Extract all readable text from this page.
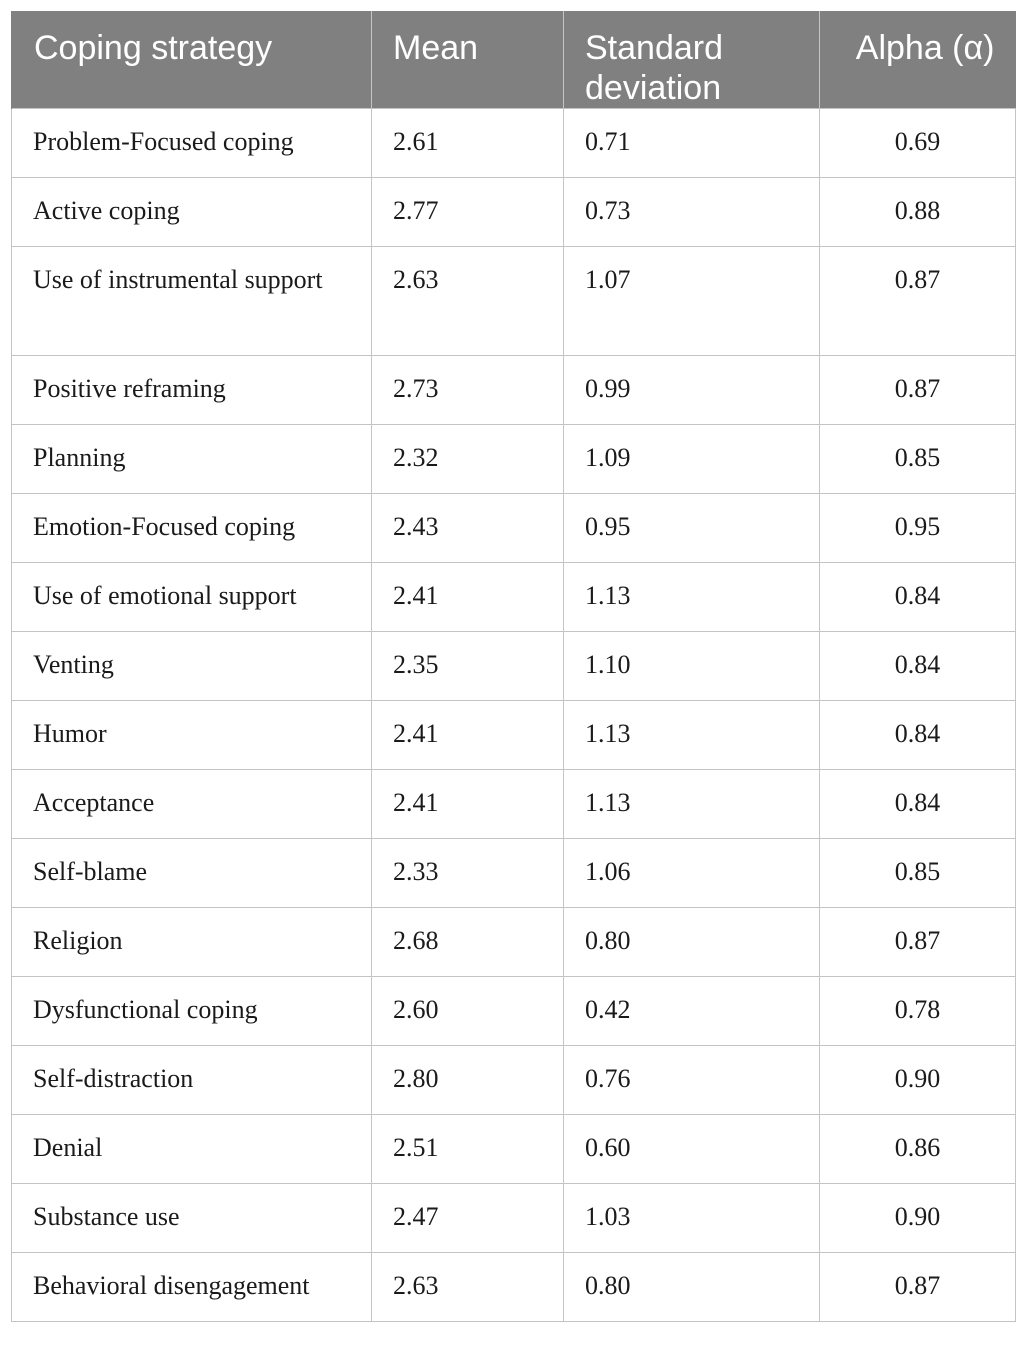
Coping strategy	Mean	Standard deviation	Alpha (α)
Problem-Focused coping	2.61	0.71	0.69
Active coping	2.77	0.73	0.88
Use of instrumental support	2.63	1.07	0.87
Positive reframing	2.73	0.99	0.87
Planning	2.32	1.09	0.85
Emotion-Focused coping	2.43	0.95	0.95
Use of emotional support	2.41	1.13	0.84
Venting	2.35	1.10	0.84
Humor	2.41	1.13	0.84
Acceptance	2.41	1.13	0.84
Self-blame	2.33	1.06	0.85
Religion	2.68	0.80	0.87
Dysfunctional coping	2.60	0.42	0.78
Self-distraction	2.80	0.76	0.90
Denial	2.51	0.60	0.86
Substance use	2.47	1.03	0.90
Behavioral disengagement	2.63	0.80	0.87
